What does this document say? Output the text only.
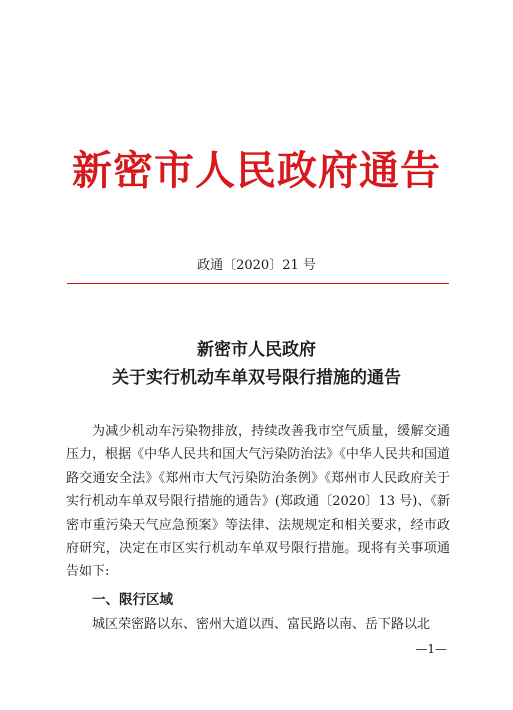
新密市人民政府通告
政通〔2020〕21 号
新密市人民政府
关于实行机动车单双号限行措施的通告

为减少机动车污染物排放，持续改善我市空气质量，缓解交通压力，根据《中华人民共和国大气污染防治法》《中华人民共和国道路交通安全法》《郑州市大气污染防治条例》《郑州市人民政府关于实行机动车单双号限行措施的通告》(郑政通〔2020〕13 号)、《新密市重污染天气应急预案》等法律、法规规定和相关要求，经市政府研究，决定在市区实行机动车单双号限行措施。现将有关事项通告如下:

一、限行区域
城区荣密路以东、密州大道以西、富民路以南、岳下路以北
—1—
